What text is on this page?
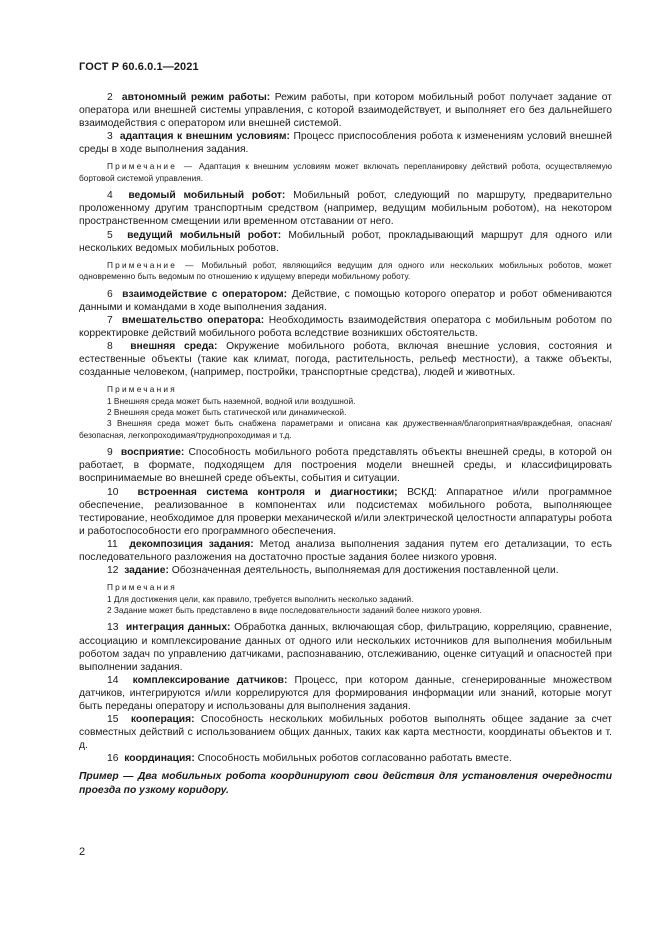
ГОСТ Р 60.6.0.1—2021

2 автономный режим работы: Режим работы, при котором мобильный робот получает задание от оператора или внешней системы управления, с которой взаимодействует, и выполняет его без дальнейшего взаимодействия с оператором или внешней системой.

3 адаптация к внешним условиям: Процесс приспособления робота к изменениям условий внешней среды в ходе выполнения задания.

Примечание — Адаптация к внешним условиям может включать перепланировку действий робота, осуществляемую бортовой системой управления.

4 ведомый мобильный робот: Мобильный робот, следующий по маршруту, предварительно проложенному другим транспортным средством (например, ведущим мобильным роботом), на некотором пространственном смещении или временном отставании от него.

5 ведущий мобильный робот: Мобильный робот, прокладывающий маршрут для одного или нескольких ведомых мобильных роботов.

Примечание — Мобильный робот, являющийся ведущим для одного или нескольких мобильных роботов, может одновременно быть ведомым по отношению к идущему впереди мобильному роботу.

6 взаимодействие с оператором: Действие, с помощью которого оператор и робот обмениваются данными и командами в ходе выполнения задания.

7 вмешательство оператора: Необходимость взаимодействия оператора с мобильным роботом по корректировке действий мобильного робота вследствие возникших обстоятельств.

8 внешняя среда: Окружение мобильного робота, включая внешние условия, состояния и естественные объекты (такие как климат, погода, растительность, рельеф местности), а также объекты, созданные человеком, (например, постройки, транспортные средства), людей и животных.

Примечания

1 Внешняя среда может быть наземной, водной или воздушной.

2 Внешняя среда может быть статической или динамической.

3 Внешняя среда может быть снабжена параметрами и описана как дружественная/благоприятная/враждебная, опасная/безопасная, легкопроходимая/труднопроходимая и т.д.

9 восприятие: Способность мобильного робота представлять объекты внешней среды, в которой он работает, в формате, подходящем для построения модели внешней среды, и классифицировать воспринимаемые во внешней среде объекты, события и ситуации.

10 встроенная система контроля и диагностики; ВСКД: Аппаратное и/или программное обеспечение, реализованное в компонентах или подсистемах мобильного робота, выполняющее тестирование, необходимое для проверки механической и/или электрической целостности аппаратуры робота и работоспособности его программного обеспечения.

11 декомпозиция задания: Метод анализа выполнения задания путем его детализации, то есть последовательного разложения на достаточно простые задания более низкого уровня.

12 задание: Обозначенная деятельность, выполняемая для достижения поставленной цели.

Примечания

1 Для достижения цели, как правило, требуется выполнить несколько заданий.

2 Задание может быть представлено в виде последовательности заданий более низкого уровня.

13 интеграция данных: Обработка данных, включающая сбор, фильтрацию, корреляцию, сравнение, ассоциацию и комплексирование данных от одного или нескольких источников для выполнения мобильным роботом задач по управлению датчиками, распознаванию, отслеживанию, оценке ситуаций и опасностей при выполнении задания.

14 комплексирование датчиков: Процесс, при котором данные, сгенерированные множеством датчиков, интегрируются и/или коррелируются для формирования информации или знаний, которые могут быть переданы оператору и использованы для выполнения задания.

15 кооперация: Способность нескольких мобильных роботов выполнять общее задание за счет совместных действий с использованием общих данных, таких как карта местности, координаты объектов и т. д.

16 координация: Способность мобильных роботов согласованно работать вместе.

Пример — Два мобильных робота координируют свои действия для установления очередности проезда по узкому коридору.

2
